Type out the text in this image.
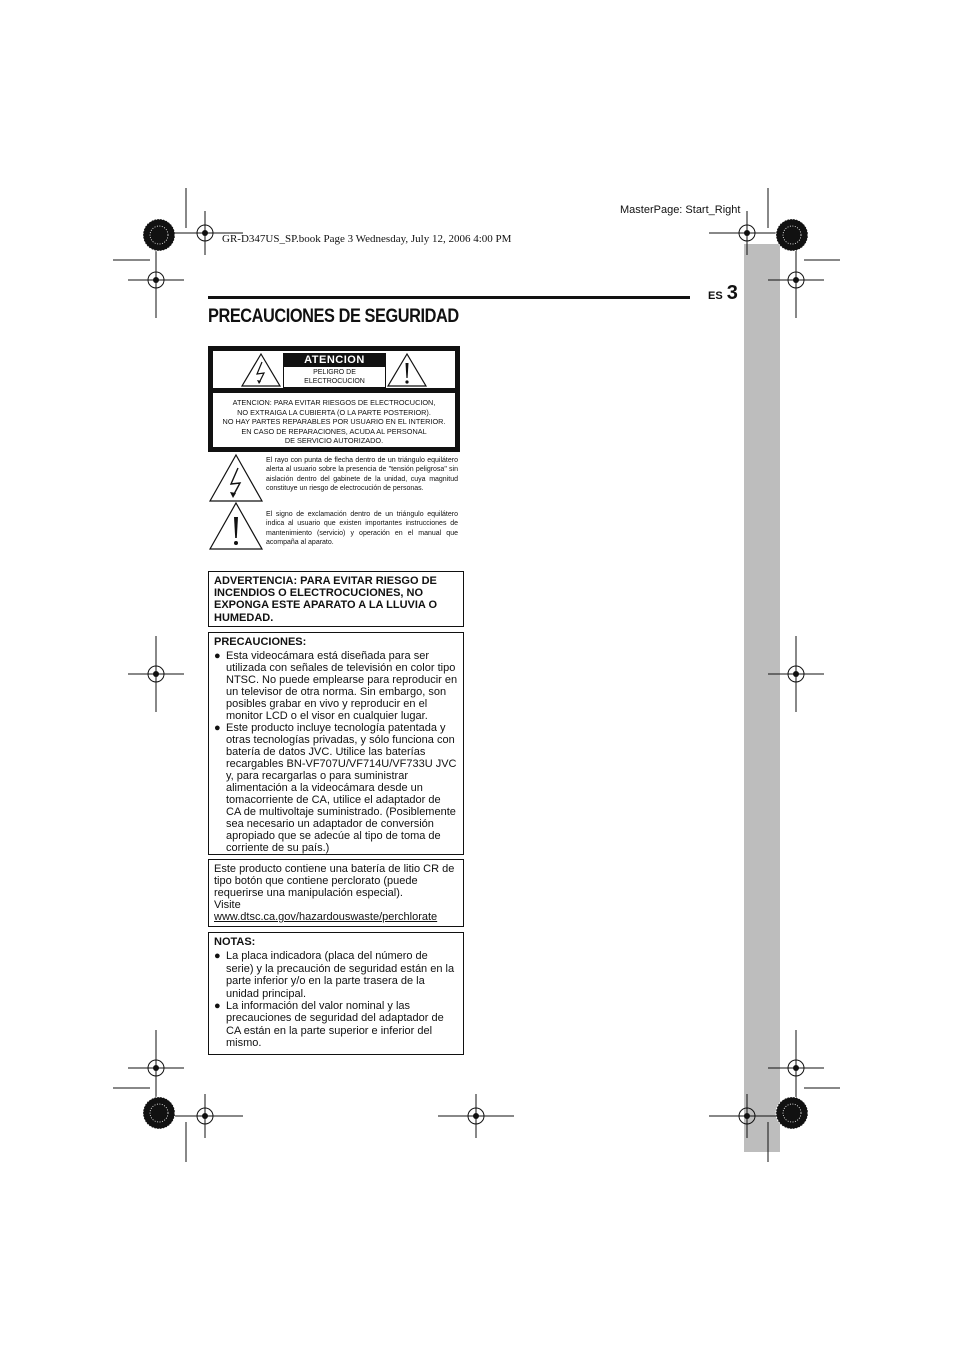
MasterPage: Start_Right
GR-D347US_SP.book Page 3 Wednesday, July 12, 2006 4:00 PM
ES 3
PRECAUCIONES DE SEGURIDAD
ATENCION
PELIGRO DE ELECTROCUCION
NO ABRA
ATENCION: PARA EVITAR RIESGOS DE ELECTROCUCION,
NO EXTRAIGA LA CUBIERTA (O LA PARTE POSTERIOR).
NO HAY PARTES REPARABLES POR USUARIO EN EL INTERIOR.
EN CASO DE REPARACIONES, ACUDA AL PERSONAL
DE SERVICIO AUTORIZADO.
El rayo con punta de flecha dentro de un triángulo equilátero alerta al usuario sobre la presencia de "tensión peligrosa" sin aislación dentro del gabinete de la unidad, cuya magnitud constituye un riesgo de electrocución de personas.
El signo de exclamación dentro de un triángulo equilátero indica al usuario que existen importantes instrucciones de mantenimiento (servicio) y operación en el manual que acompaña al aparato.
ADVERTENCIA: PARA EVITAR RIESGO DE INCENDIOS O ELECTROCUCIONES, NO EXPONGA ESTE APARATO A LA LLUVIA O HUMEDAD.
PRECAUCIONES:
● Esta videocámara está diseñada para ser utilizada con señales de televisión en color tipo NTSC. No puede emplearse para reproducir en un televisor de otra norma. Sin embargo, son posibles grabar en vivo y reproducir en el monitor LCD o el visor en cualquier lugar.
● Este producto incluye tecnología patentada y otras tecnologías privadas, y sólo funciona con batería de datos JVC. Utilice las baterías recargables BN-VF707U/VF714U/VF733U JVC y, para recargarlas o para suministrar alimentación a la videocámara desde un tomacorriente de CA, utilice el adaptador de CA de multivoltaje suministrado. (Posiblemente sea necesario un adaptador de conversión apropiado que se adecúe al tipo de toma de corriente de su país.)
Este producto contiene una batería de litio CR de tipo botón que contiene perclorato (puede requerirse una manipulación especial).
Visite www.dtsc.ca.gov/hazardouswaste/perchlorate
NOTAS:
● La placa indicadora (placa del número de serie) y la precaución de seguridad están en la parte inferior y/o en la parte trasera de la unidad principal.
● La información del valor nominal y las precauciones de seguridad del adaptador de CA están en la parte superior e inferior del mismo.
